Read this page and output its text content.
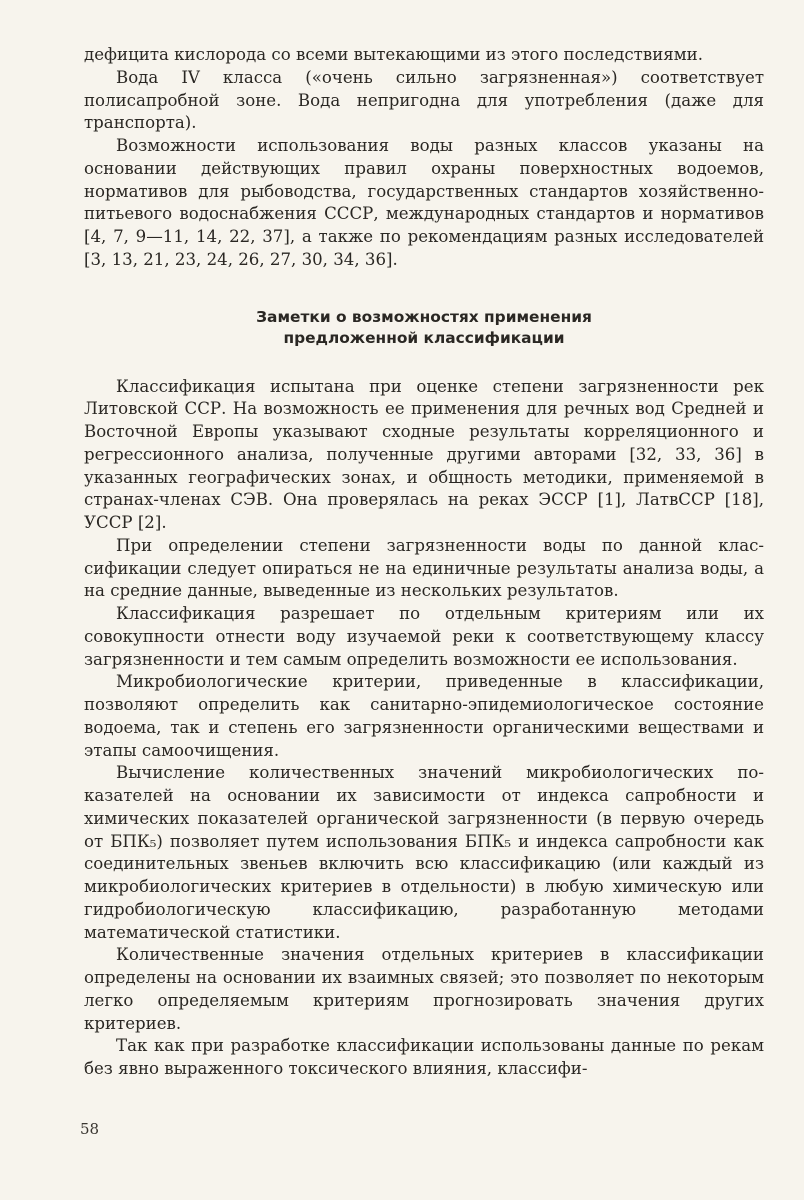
дефицита кислорода со всеми вытекающими из этого последствиями.

Вода IV класса («очень сильно загрязненная») соответствует полисапробной зоне. Вода непригодна для употребления (даже для транспорта).

Возможности использования воды разных классов указаны на основании действующих правил охраны поверхностных водоемов, нормативов для рыбоводства, государственных стандартов хозяйственно-питьевого водоснабжения СССР, международных стандартов и нормативов [4, 7, 9—11, 14, 22, 37], а также по рекомендациям разных исследователей [3, 13, 21, 23, 24, 26, 27, 30, 34, 36].

Заметки о возможностях применения
предложенной классификации

Классификация испытана при оценке степени загрязненности рек Литовской ССР. На возможность ее применения для речных вод Средней и Восточной Европы указывают сходные результаты корреляционного и регрессионного анализа, полученные другими авторами [32, 33, 36] в указанных географических зонах, и общность методики, применяемой в странах-членах СЭВ. Она проверялась на реках ЭССР [1], ЛатвССР [18], УССР [2].

При определении степени загрязненности воды по данной классификации следует опираться не на единичные результаты анализа воды, а на средние данные, выведенные из нескольких результатов.

Классификация разрешает по отдельным критериям или их совокупности отнести воду изучаемой реки к соответствующему классу загрязненности и тем самым определить возможности ее использования.

Микробиологические критерии, приведенные в классификации, позволяют определить как санитарно-эпидемиологическое состояние водоема, так и степень его загрязненности органическими веществами и этапы самоочищения.

Вычисление количественных значений микробиологических показателей на основании их зависимости от индекса сапробности и химических показателей органической загрязненности (в первую очередь от БПК₅) позволяет путем использования БПК₅ и индекса сапробности как соединительных звеньев включить всю классификацию (или каждый из микробиологических критериев в отдельности) в любую химическую или гидробиологическую классификацию, разработанную методами математической статистики.

Количественные значения отдельных критериев в классификации определены на основании их взаимных связей; это позволяет по некоторым легко определяемым критериям прогнозировать значения других критериев.

Так как при разработке классификации использованы данные по рекам без явно выраженного токсического влияния, классифи-

58
